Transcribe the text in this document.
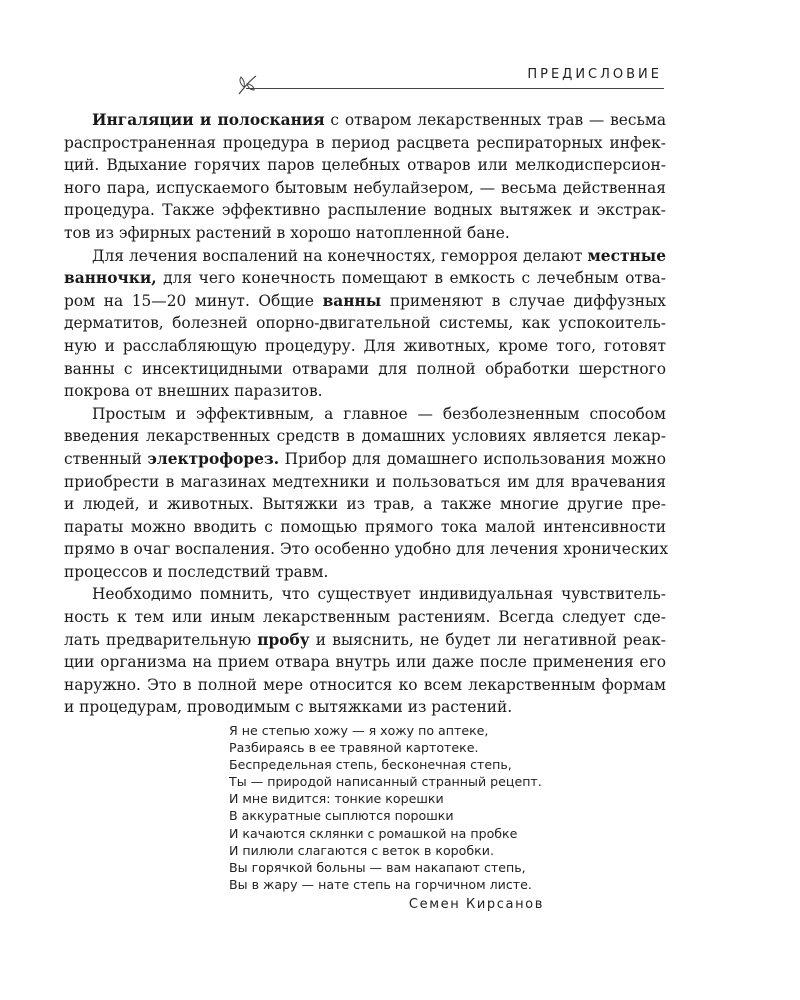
ПРЕДИСЛОВИЕ

Ингаляции и полоскания с отваром лекарственных трав — весьма
распространенная процедура в период расцвета респираторных инфек-
ций. Вдыхание горячих паров целебных отваров или мелкодисперсион-
ного пара, испускаемого бытовым небулайзером, — весьма действенная
процедура. Также эффективно распыление водных вытяжек и экстрак-
тов из эфирных растений в хорошо натопленной бане.

Для лечения воспалений на конечностях, геморроя делают местные
ванночки, для чего конечность помещают в емкость с лечебным отва-
ром на 15—20 минут. Общие ванны применяют в случае диффузных
дерматитов, болезней опорно-двигательной системы, как успокоитель-
ную и расслабляющую процедуру. Для животных, кроме того, готовят
ванны с инсектицидными отварами для полной обработки шерстного
покрова от внешних паразитов.

Простым и эффективным, а главное — безболезненным способом
введения лекарственных средств в домашних условиях является лекар-
ственный электрофорез. Прибор для домашнего использования можно
приобрести в магазинах медтехники и пользоваться им для врачевания
и людей, и животных. Вытяжки из трав, а также многие другие пре-
параты можно вводить с помощью прямого тока малой интенсивности
прямо в очаг воспаления. Это особенно удобно для лечения хронических
процессов и последствий травм.

Необходимо помнить, что существует индивидуальная чувствитель-
ность к тем или иным лекарственным растениям. Всегда следует сде-
лать предварительную пробу и выяснить, не будет ли негативной реак-
ции организма на прием отвара внутрь или даже после применения его
наружно. Это в полной мере относится ко всем лекарственным формам
и процедурам, проводимым с вытяжками из растений.

Я не степью хожу — я хожу по аптеке,
Разбираясь в ее травяной картотеке.
Беспредельная степь, бесконечная степь,
Ты — природой написанный странный рецепт.
И мне видится: тонкие корешки
В аккуратные сыплются порошки
И качаются склянки с ромашкой на пробке
И пилюли слагаются с веток в коробки.
Вы горячкой больны — вам накапают степь,
Вы в жару — нате степь на горчичном листе.
Семен Кирсанов
